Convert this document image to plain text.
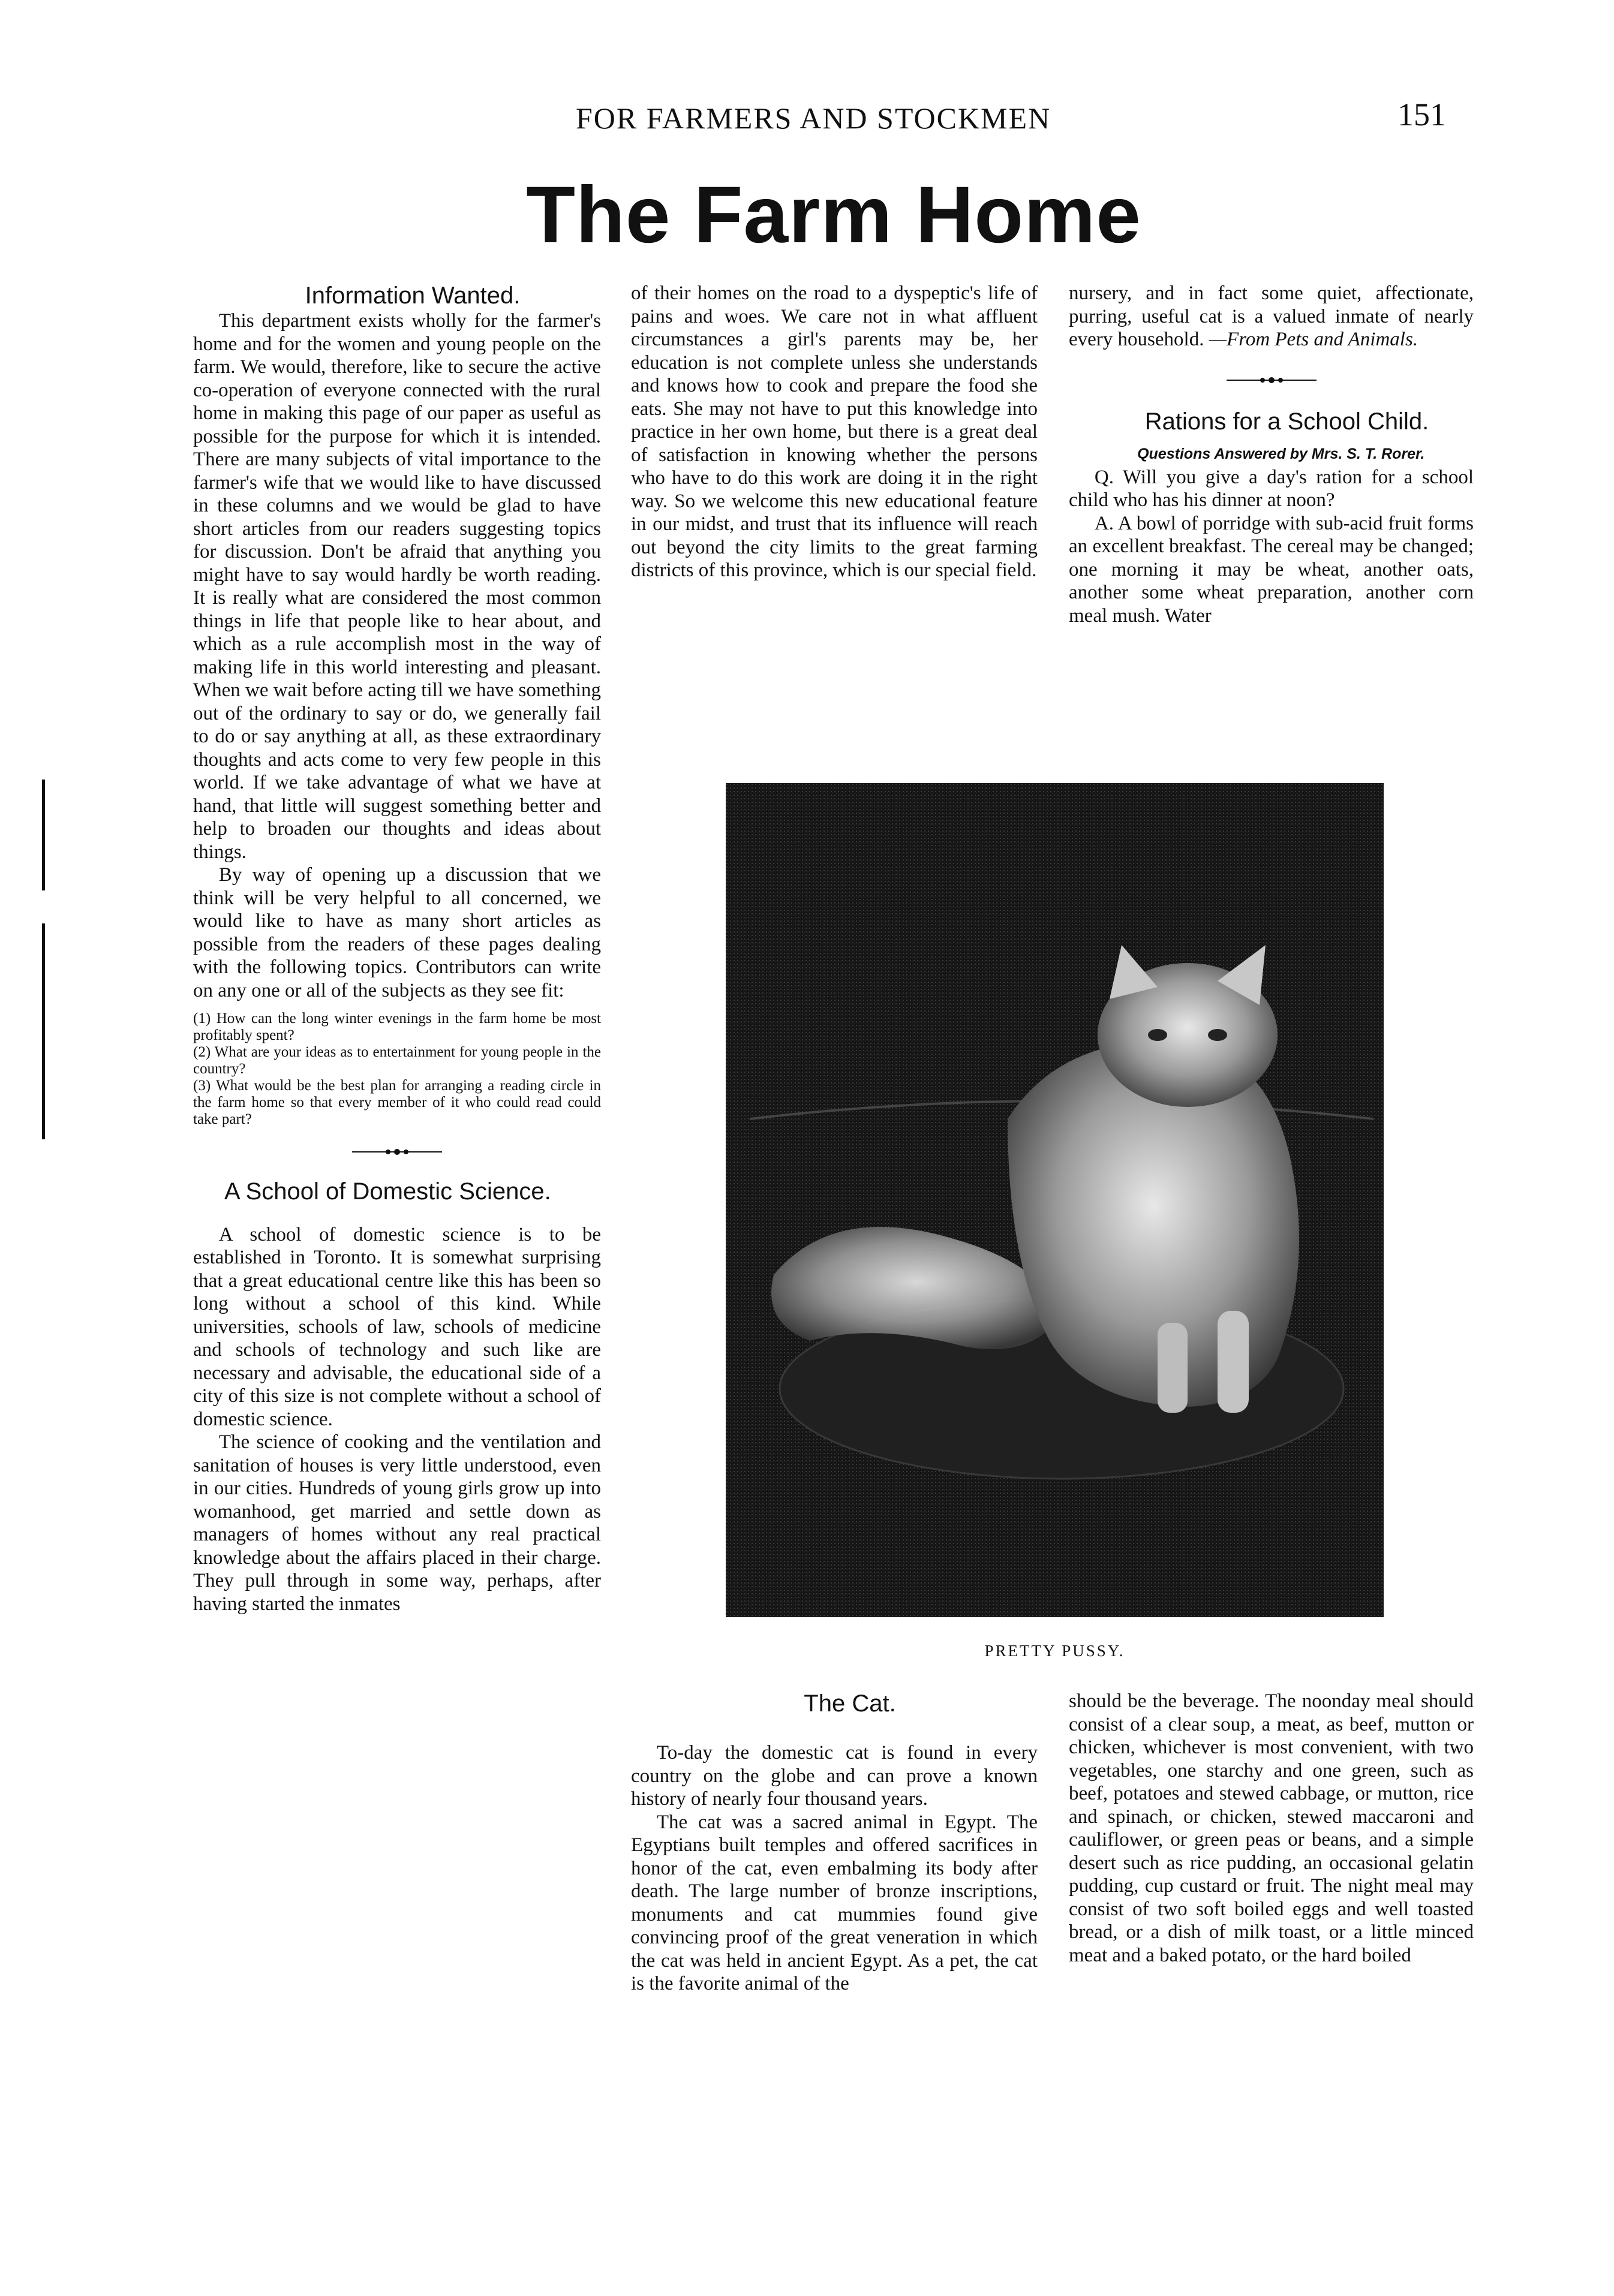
FOR FARMERS AND STOCKMEN	151
The Farm Home

Information Wanted.

This department exists wholly for the farmer's home and for the women and young people on the farm. We would, therefore, like to secure the active co-operation of everyone connected with the rural home in making this page of our paper as useful as possible for the purpose for which it is intended. There are many subjects of vital importance to the farmer's wife that we would like to have discussed in these columns and we would be glad to have short articles from our readers suggesting topics for discussion. Don't be afraid that anything you might have to say would hardly be worth reading. It is really what are considered the most common things in life that people like to hear about, and which as a rule accomplish most in the way of making life in this world interesting and pleasant. When we wait before acting till we have something out of the ordinary to say or do, we generally fail to do or say anything at all, as these extraordinary thoughts and acts come to very few people in this world. If we take advantage of what we have at hand, that little will suggest something better and help to broaden our thoughts and ideas about things.

By way of opening up a discussion that we think will be very helpful to all concerned, we would like to have as many short articles as possible from the readers of these pages dealing with the following topics. Contributors can write on any one or all of the subjects as they see fit:

(1) How can the long winter evenings in the farm home be most profitably spent?

(2) What are your ideas as to entertainment for young people in the country?

(3) What would be the best plan for arranging a reading circle in the farm home so that every member of it who could read could take part?

A School of Domestic Science.

A school of domestic science is to be established in Toronto. It is somewhat surprising that a great educational centre like this has been so long without a school of this kind. While universities, schools of law, schools of medicine and schools of technology and such like are necessary and advisable, the educational side of a city of this size is not complete without a school of domestic science.

The science of cooking and the ventilation and sanitation of houses is very little understood, even in our cities. Hundreds of young girls grow up into womanhood, get married and settle down as managers of homes without any real practical knowledge about the affairs placed in their charge. They pull through in some way, perhaps, after having started the inmates

of their homes on the road to a dyspeptic's life of pains and woes. We care not in what affluent circumstances a girl's parents may be, her education is not complete unless she understands and knows how to cook and prepare the food she eats. She may not have to put this knowledge into practice in her own home, but there is a great deal of satisfaction in knowing whether the persons who have to do this work are doing it in the right way. So we welcome this new educational feature in our midst, and trust that its influence will reach out beyond the city limits to the great farming districts of this province, which is our special field.

nursery, and in fact some quiet, affectionate, purring, useful cat is a valued inmate of nearly every household. —From Pets and Animals.

Rations for a School Child.

Questions Answered by Mrs. S. T. Rorer.

Q. Will you give a day's ration for a school child who has his dinner at noon?

A. A bowl of porridge with sub-acid fruit forms an excellent breakfast. The cereal may be changed; one morning it may be wheat, another oats, another some wheat preparation, another corn meal mush. Water

PRETTY PUSSY.

The Cat.

To-day the domestic cat is found in every country on the globe and can prove a known history of nearly four thousand years.

The cat was a sacred animal in Egypt. The Egyptians built temples and offered sacrifices in honor of the cat, even embalming its body after death. The large number of bronze inscriptions, monuments and cat mummies found give convincing proof of the great veneration in which the cat was held in ancient Egypt. As a pet, the cat is the favorite animal of the

should be the beverage. The noonday meal should consist of a clear soup, a meat, as beef, mutton or chicken, whichever is most convenient, with two vegetables, one starchy and one green, such as beef, potatoes and stewed cabbage, or mutton, rice and spinach, or chicken, stewed maccaroni and cauliflower, or green peas or beans, and a simple desert such as rice pudding, an occasional gelatin pudding, cup custard or fruit. The night meal may consist of two soft boiled eggs and well toasted bread, or a dish of milk toast, or a little minced meat and a baked potato, or the hard boiled
